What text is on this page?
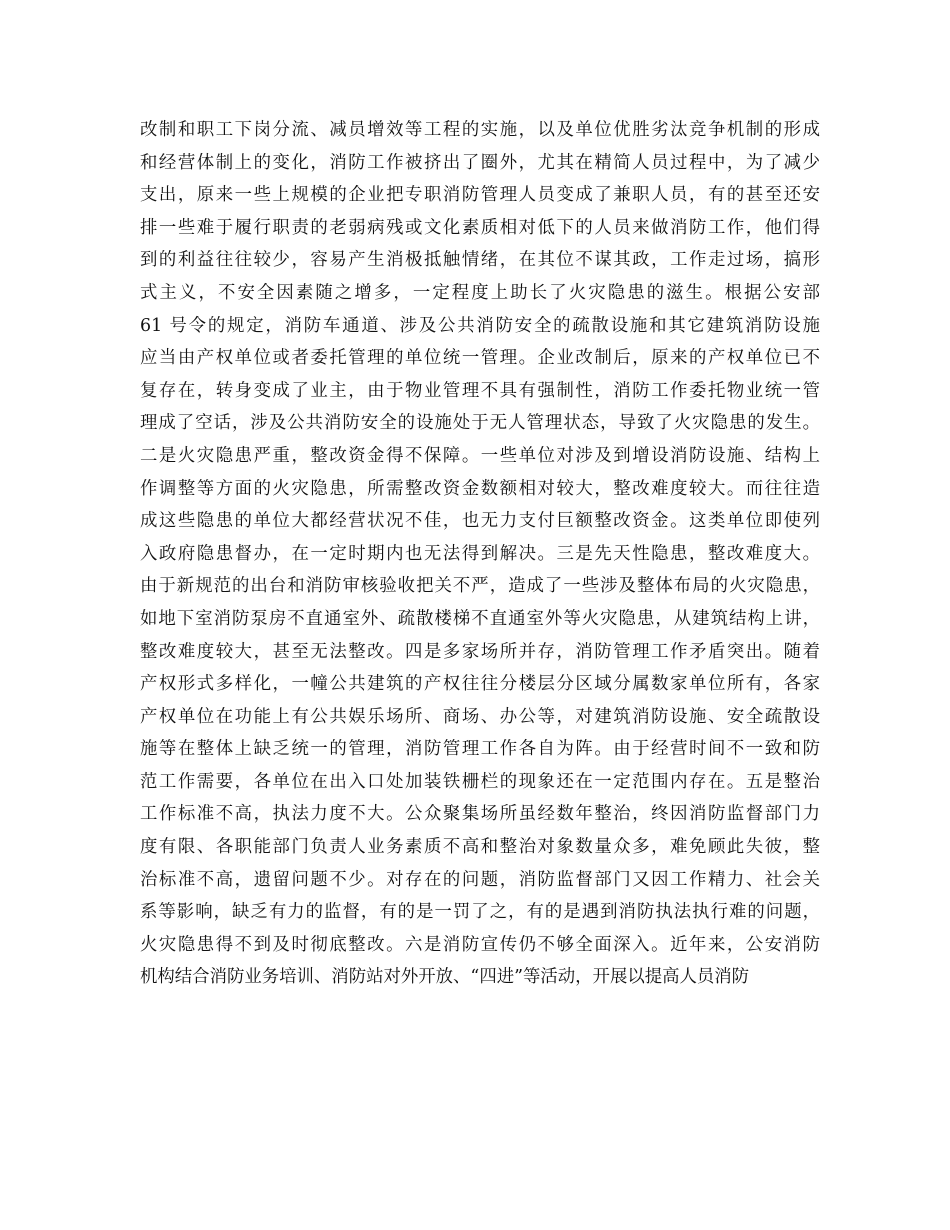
改制和职工下岗分流、减员增效等工程的实施，以及单位优胜劣汰竞争机制的形成
和经营体制上的变化，消防工作被挤出了圈外，尤其在精简人员过程中，为了减少
支出，原来一些上规模的企业把专职消防管理人员变成了兼职人员，有的甚至还安
排一些难于履行职责的老弱病残或文化素质相对低下的人员来做消防工作，他们得
到的利益往往较少，容易产生消极抵触情绪，在其位不谋其政，工作走过场，搞形
式主义，不安全因素随之增多，一定程度上助长了火灾隐患的滋生。根据公安部
61 号令的规定，消防车通道、涉及公共消防安全的疏散设施和其它建筑消防设施
应当由产权单位或者委托管理的单位统一管理。企业改制后，原来的产权单位已不
复存在，转身变成了业主，由于物业管理不具有强制性，消防工作委托物业统一管
理成了空话，涉及公共消防安全的设施处于无人管理状态，导致了火灾隐患的发生。
二是火灾隐患严重，整改资金得不保障。一些单位对涉及到增设消防设施、结构上
作调整等方面的火灾隐患，所需整改资金数额相对较大，整改难度较大。而往往造
成这些隐患的单位大都经营状况不佳，也无力支付巨额整改资金。这类单位即使列
入政府隐患督办，在一定时期内也无法得到解决。三是先天性隐患，整改难度大。
由于新规范的出台和消防审核验收把关不严，造成了一些涉及整体布局的火灾隐患，
如地下室消防泵房不直通室外、疏散楼梯不直通室外等火灾隐患，从建筑结构上讲，
整改难度较大，甚至无法整改。四是多家场所并存，消防管理工作矛盾突出。随着
产权形式多样化，一幢公共建筑的产权往往分楼层分区域分属数家单位所有，各家
产权单位在功能上有公共娱乐场所、商场、办公等，对建筑消防设施、安全疏散设
施等在整体上缺乏统一的管理，消防管理工作各自为阵。由于经营时间不一致和防
范工作需要，各单位在出入口处加装铁栅栏的现象还在一定范围内存在。五是整治
工作标准不高，执法力度不大。公众聚集场所虽经数年整治，终因消防监督部门力
度有限、各职能部门负责人业务素质不高和整治对象数量众多，难免顾此失彼，整
治标准不高，遗留问题不少。对存在的问题，消防监督部门又因工作精力、社会关
系等影响，缺乏有力的监督，有的是一罚了之，有的是遇到消防执法执行难的问题，
火灾隐患得不到及时彻底整改。六是消防宣传仍不够全面深入。近年来，公安消防
机构结合消防业务培训、消防站对外开放、“四进”等活动，开展以提高人员消防
